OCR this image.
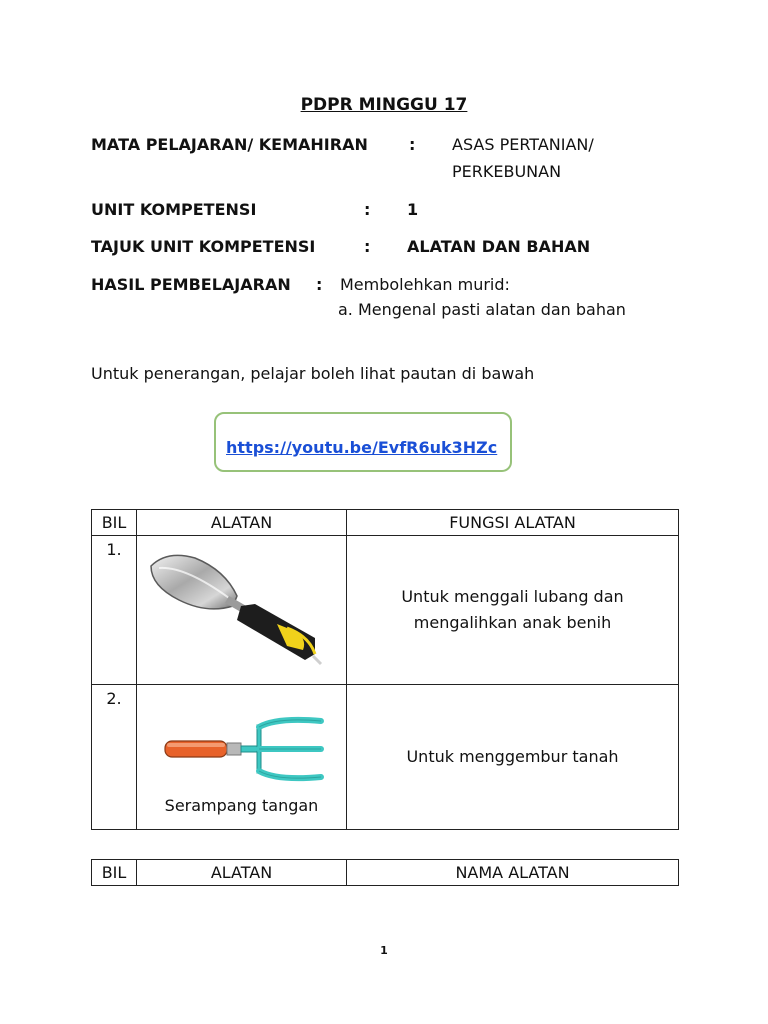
PDPR MINGGU 17
MATA PELAJARAN/ KEMAHIRAN	: ASAS PERTANIAN/
PERKEBUNAN
UNIT KOMPETENSI	: 1
TAJUK UNIT KOMPETENSI	: ALATAN DAN BAHAN
HASIL PEMBELAJARAN : Membolehkan murid:
a. Mengenal pasti alatan dan bahan
Untuk penerangan, pelajar boleh lihat pautan di bawah
https://youtu.be/EvfR6uk3HZc
BIL	ALATAN	FUNGSI ALATAN
1.		Untuk menggali lubang dan mengalihkan anak benih
2.	Serampang tangan	Untuk menggembur tanah
BIL	ALATAN	NAMA ALATAN
1
